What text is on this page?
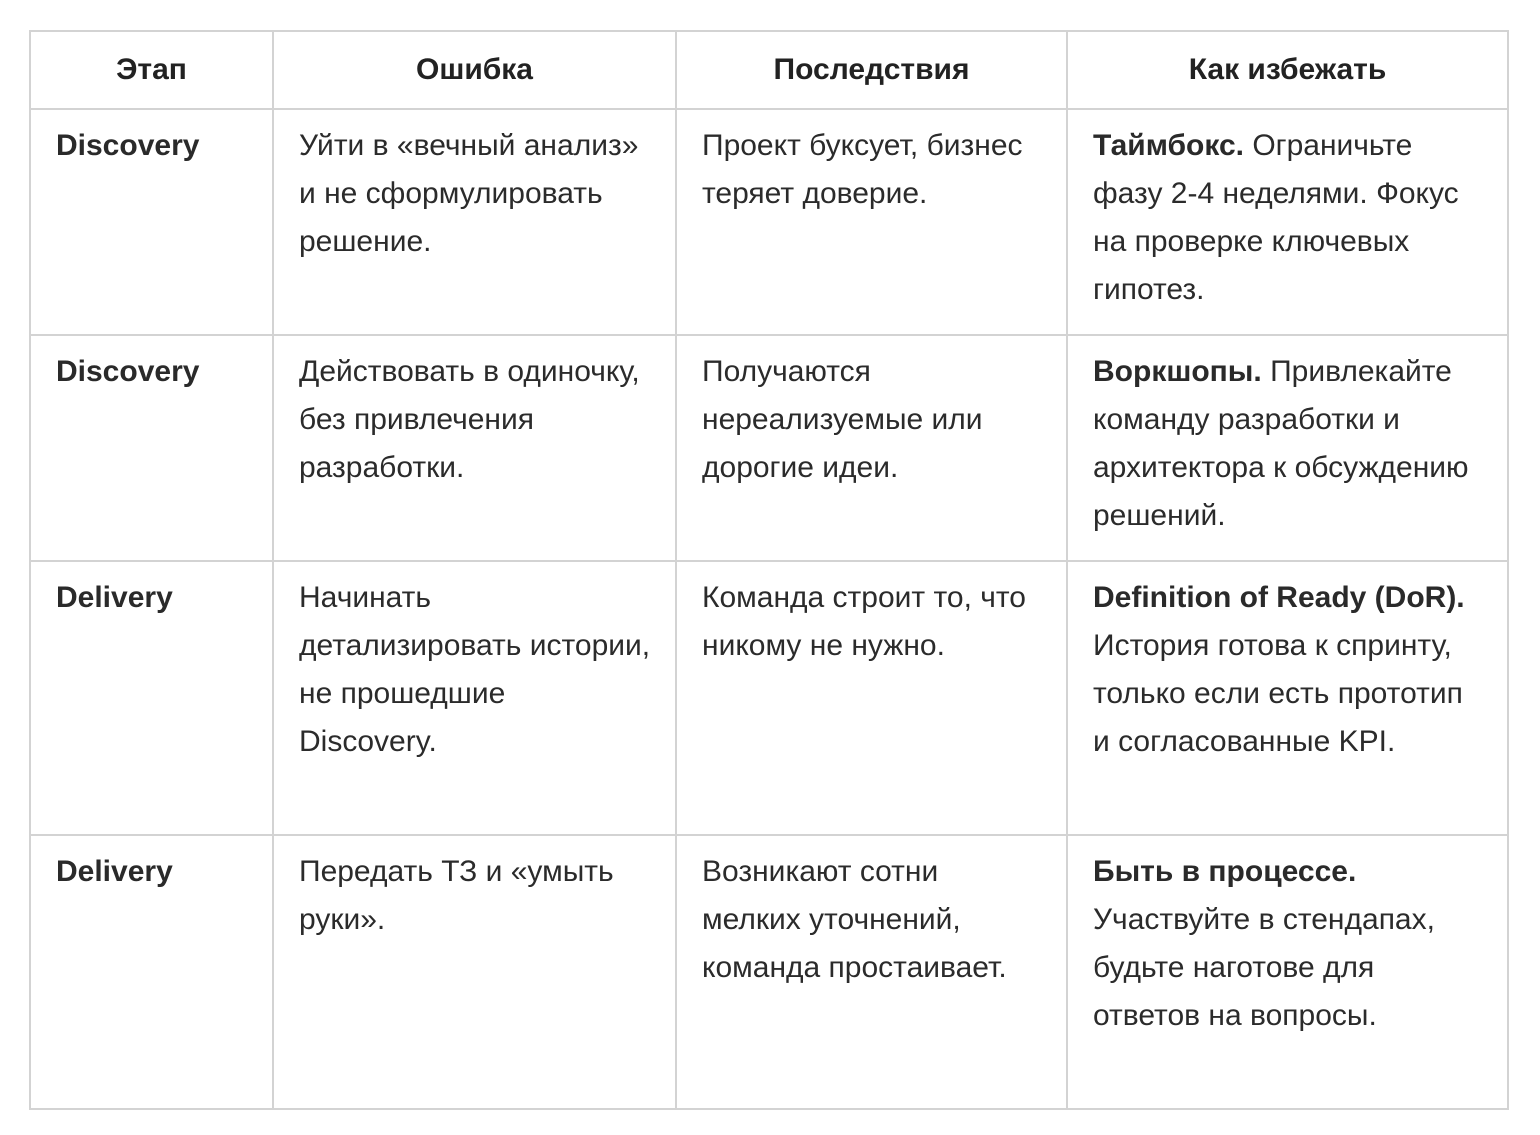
Этап	Ошибка	Последствия	Как избежать
Discovery	Уйти в «вечный анализ» и не сформулировать решение.	Проект буксует, бизнес теряет доверие.	Таймбокс. Ограничьте фазу 2-4 неделями. Фокус на проверке ключевых гипотез.
Discovery	Действовать в одиночку, без привлечения разработки.	Получаются нереализуемые или дорогие идеи.	Воркшопы. Привлекайте команду разработки и архитектора к обсуждению решений.
Delivery	Начинать детализировать истории, не прошедшие Discovery.	Команда строит то, что никому не нужно.	Definition of Ready (DoR). История готова к спринту, только если есть прототип и согласованные KPI.
Delivery	Передать ТЗ и «умыть руки».	Возникают сотни мелких уточнений, команда простаивает.	Быть в процессе. Участвуйте в стендапах, будьте наготове для ответов на вопросы.
